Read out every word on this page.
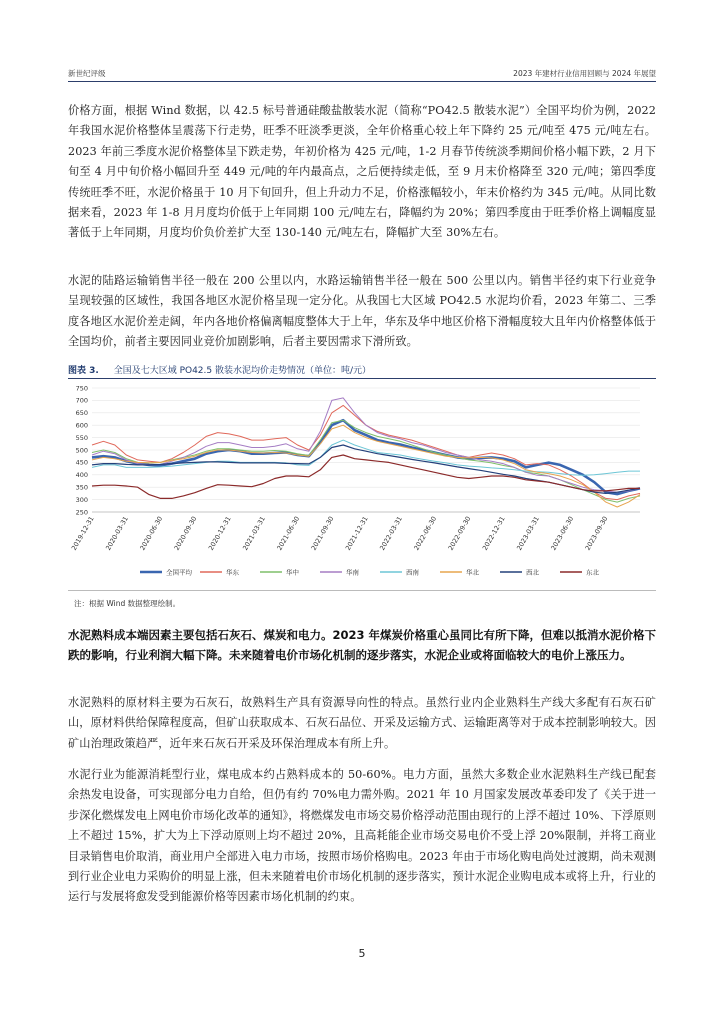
新世纪评级	2023 年建材行业信用回顾与 2024 年展望

价格方面，根据 Wind 数据，以 42.5 标号普通硅酸盐散装水泥（简称“PO42.5 散装水泥”）全国平均价为例，2022 年我国水泥价格整体呈震荡下行走势，旺季不旺淡季更淡，全年价格重心较上年下降约 25 元/吨至 475 元/吨左右。2023 年前三季度水泥价格整体呈下跌走势，年初价格为 425 元/吨，1-2 月春节传统淡季期间价格小幅下跌，2 月下旬至 4 月中旬价格小幅回升至 449 元/吨的年内最高点，之后便持续走低，至 9 月末价格降至 320 元/吨；第四季度传统旺季不旺，水泥价格虽于 10 月下旬回升，但上升动力不足，价格涨幅较小，年末价格约为 345 元/吨。从同比数据来看，2023 年 1-8 月月度均价低于上年同期 100 元/吨左右，降幅约为 20%；第四季度由于旺季价格上调幅度显著低于上年同期，月度均价负价差扩大至 130-140 元/吨左右，降幅扩大至 30%左右。

水泥的陆路运输销售半径一般在 200 公里以内，水路运输销售半径一般在 500 公里以内。销售半径约束下行业竞争呈现较强的区域性，我国各地区水泥价格呈现一定分化。从我国七大区域 PO42.5 水泥均价看，2023 年第二、三季度各地区水泥价差走阔，年内各地价格偏离幅度整体大于上年，华东及华中地区价格下滑幅度较大且年内价格整体低于全国均价，前者主要因同业竞价加剧影响，后者主要因需求下滑所致。

图表 3. 全国及七大区域 PO42.5 散装水泥均价走势情况（单位：吨/元）
250
300
350
400
450
500
550
600
650
700
750
2019-12-31 2020-03-31 2020-06-30 2020-09-30 2020-12-31 2021-03-31 2021-06-30 2021-09-30 2021-12-31 2022-03-31 2022-06-30 2022-09-30 2022-12-31 2023-03-31 2023-06-30 2023-09-30
全国平均	华东	华中	华南	西南	华北	西北	东北
注：根据 Wind 数据整理绘制。

水泥熟料成本端因素主要包括石灰石、煤炭和电力。2023 年煤炭价格重心虽同比有所下降，但难以抵消水泥价格下跌的影响，行业利润大幅下降。未来随着电价市场化机制的逐步落实，水泥企业或将面临较大的电价上涨压力。

水泥熟料的原材料主要为石灰石，故熟料生产具有资源导向性的特点。虽然行业内企业熟料生产线大多配有石灰石矿山，原材料供给保障程度高，但矿山获取成本、石灰石品位、开采及运输方式、运输距离等对于成本控制影响较大。因矿山治理政策趋严，近年来石灰石开采及环保治理成本有所上升。

水泥行业为能源消耗型行业，煤电成本约占熟料成本的 50-60%。电力方面，虽然大多数企业水泥熟料生产线已配套余热发电设备，可实现部分电力自给，但仍有约 70%电力需外购。2021 年 10 月国家发展改革委印发了《关于进一步深化燃煤发电上网电价市场化改革的通知》，将燃煤发电市场交易价格浮动范围由现行的上浮不超过 10%、下浮原则上不超过 15%，扩大为上下浮动原则上均不超过 20%，且高耗能企业市场交易电价不受上浮 20%限制，并将工商业目录销售电价取消，商业用户全部进入电力市场，按照市场价格购电。2023 年由于市场化购电尚处过渡期，尚未观测到行业企业电力采购价的明显上涨，但未来随着电价市场化机制的逐步落实，预计水泥企业购电成本或将上升，行业的运行与发展将愈发受到能源价格等因素市场化机制的约束。

5
